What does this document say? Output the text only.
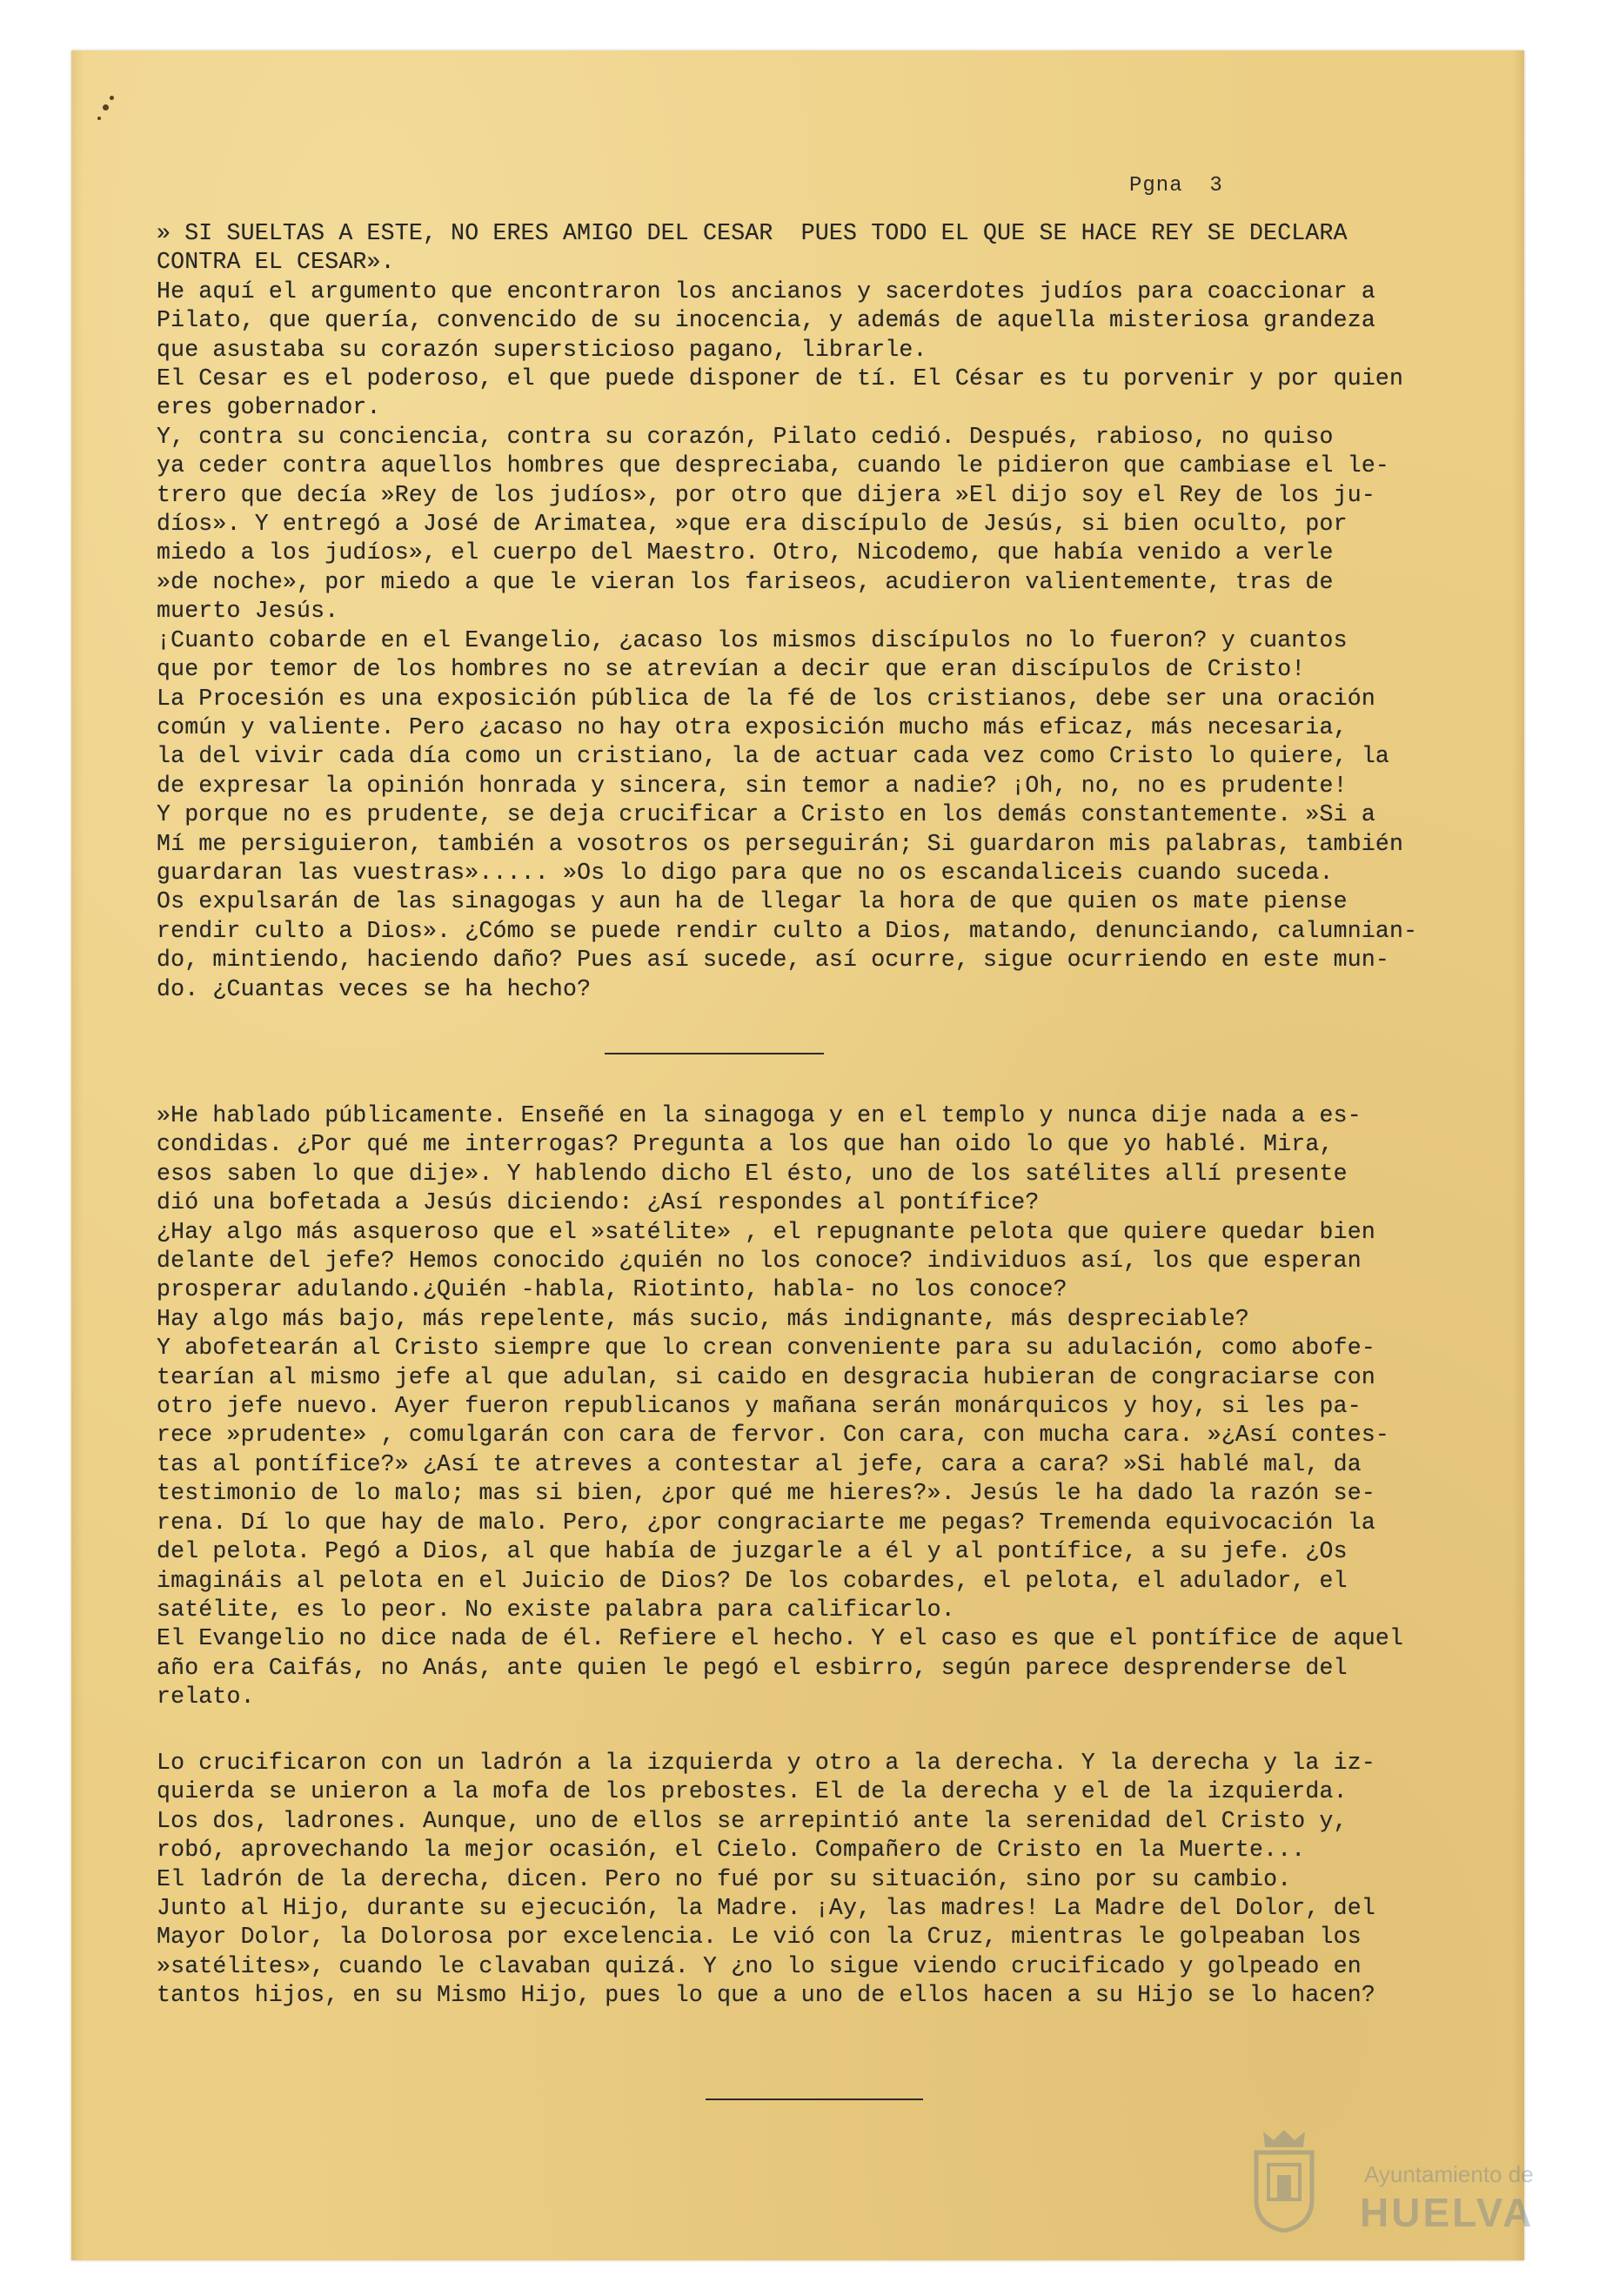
Pgna  3

» SI SUELTAS A ESTE, NO ERES AMIGO DEL CESAR  PUES TODO EL QUE SE HACE REY SE DECLARA

CONTRA EL CESAR».

He aquí el argumento que encontraron los ancianos y sacerdotes judíos para coaccionar a

Pilato, que quería, convencido de su inocencia, y además de aquella misteriosa grandeza

que asustaba su corazón supersticioso pagano, librarle.

El Cesar es el poderoso, el que puede disponer de tí. El César es tu porvenir y por quien

eres gobernador.

Y, contra su conciencia, contra su corazón, Pilato cedió. Después, rabioso, no quiso

ya ceder contra aquellos hombres que despreciaba, cuando le pidieron que cambiase el le-

trero que decía »Rey de los judíos», por otro que dijera »El dijo soy el Rey de los ju-

díos». Y entregó a José de Arimatea, »que era discípulo de Jesús, si bien oculto, por

miedo a los judíos», el cuerpo del Maestro. Otro, Nicodemo, que había venido a verle

»de noche», por miedo a que le vieran los fariseos, acudieron valientemente, tras de

muerto Jesús.

¡Cuanto cobarde en el Evangelio, ¿acaso los mismos discípulos no lo fueron? y cuantos

que por temor de los hombres no se atrevían a decir que eran discípulos de Cristo!

La Procesión es una exposición pública de la fé de los cristianos, debe ser una oración

común y valiente. Pero ¿acaso no hay otra exposición mucho más eficaz, más necesaria,

la del vivir cada día como un cristiano, la de actuar cada vez como Cristo lo quiere, la

de expresar la opinión honrada y sincera, sin temor a nadie? ¡Oh, no, no es prudente!

Y porque no es prudente, se deja crucificar a Cristo en los demás constantemente. »Si a

Mí me persiguieron, también a vosotros os perseguirán; Si guardaron mis palabras, también

guardaran las vuestras»..... »Os lo digo para que no os escandaliceis cuando suceda.

Os expulsarán de las sinagogas y aun ha de llegar la hora de que quien os mate piense

rendir culto a Dios». ¿Cómo se puede rendir culto a Dios, matando, denunciando, calumnian-

do, mintiendo, haciendo daño? Pues así sucede, así ocurre, sigue ocurriendo en este mun-

do. ¿Cuantas veces se ha hecho?

»He hablado públicamente. Enseñé en la sinagoga y en el templo y nunca dije nada a es-

condidas. ¿Por qué me interrogas? Pregunta a los que han oido lo que yo hablé. Mira,

esos saben lo que dije». Y hablendo dicho El ésto, uno de los satélites allí presente

dió una bofetada a Jesús diciendo: ¿Así respondes al pontífice?

¿Hay algo más asqueroso que el »satélite» , el repugnante pelota que quiere quedar bien

delante del jefe? Hemos conocido ¿quién no los conoce? individuos así, los que esperan

prosperar adulando.¿Quién -habla, Riotinto, habla- no los conoce?

Hay algo más bajo, más repelente, más sucio, más indignante, más despreciable?

Y abofetearán al Cristo siempre que lo crean conveniente para su adulación, como abofe-

tearían al mismo jefe al que adulan, si caido en desgracia hubieran de congraciarse con

otro jefe nuevo. Ayer fueron republicanos y mañana serán monárquicos y hoy, si les pa-

rece »prudente» , comulgarán con cara de fervor. Con cara, con mucha cara. »¿Así contes-

tas al pontífice?» ¿Así te atreves a contestar al jefe, cara a cara? »Si hablé mal, da

testimonio de lo malo; mas si bien, ¿por qué me hieres?». Jesús le ha dado la razón se-

rena. Dí lo que hay de malo. Pero, ¿por congraciarte me pegas? Tremenda equivocación la

del pelota. Pegó a Dios, al que había de juzgarle a él y al pontífice, a su jefe. ¿Os

imagináis al pelota en el Juicio de Dios? De los cobardes, el pelota, el adulador, el

satélite, es lo peor. No existe palabra para calificarlo.

El Evangelio no dice nada de él. Refiere el hecho. Y el caso es que el pontífice de aquel

año era Caifás, no Anás, ante quien le pegó el esbirro, según parece desprenderse del

relato.

Lo crucificaron con un ladrón a la izquierda y otro a la derecha. Y la derecha y la iz-

quierda se unieron a la mofa de los prebostes. El de la derecha y el de la izquierda.

Los dos, ladrones. Aunque, uno de ellos se arrepintió ante la serenidad del Cristo y,

robó, aprovechando la mejor ocasión, el Cielo. Compañero de Cristo en la Muerte...

El ladrón de la derecha, dicen. Pero no fué por su situación, sino por su cambio.

Junto al Hijo, durante su ejecución, la Madre. ¡Ay, las madres! La Madre del Dolor, del

Mayor Dolor, la Dolorosa por excelencia. Le vió con la Cruz, mientras le golpeaban los

»satélites», cuando le clavaban quizá. Y ¿no lo sigue viendo crucificado y golpeado en

tantos hijos, en su Mismo Hijo, pues lo que a uno de ellos hacen a su Hijo se lo hacen?

Ayuntamiento de
HUELVA
